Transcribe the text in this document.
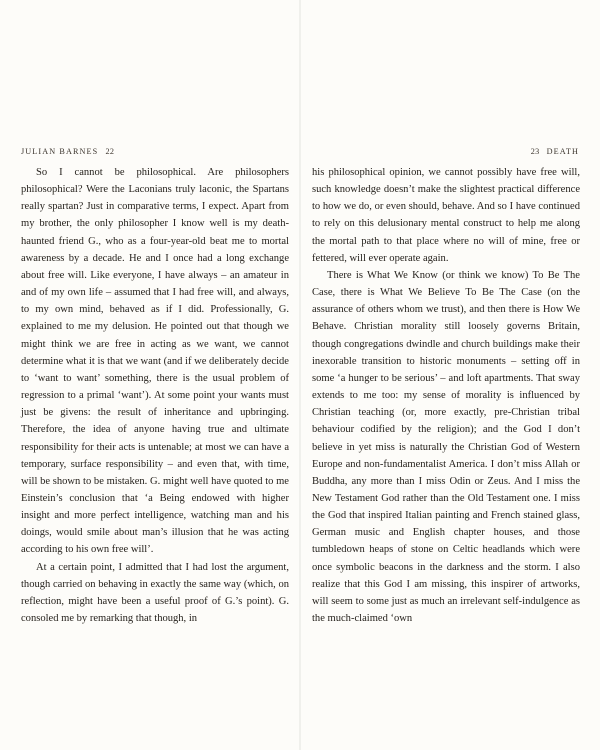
JULIAN BARNES 22	23 DEATH

So I cannot be philosophical. Are philosophers philosophical? Were the Laconians truly laconic, the Spartans really spartan? Just in comparative terms, I expect. Apart from my brother, the only philosopher I know well is my death-haunted friend G., who as a four-year-old beat me to mortal awareness by a decade. He and I once had a long exchange about free will. Like everyone, I have always – an amateur in and of my own life – assumed that I had free will, and always, to my own mind, behaved as if I did. Professionally, G. explained to me my delusion. He pointed out that though we might think we are free in acting as we want, we cannot determine what it is that we want (and if we deliberately decide to ‘want to want’ something, there is the usual problem of regression to a primal ‘want’). At some point your wants must just be givens: the result of inheritance and upbringing. Therefore, the idea of anyone having true and ultimate responsibility for their acts is untenable; at most we can have a temporary, surface responsibility – and even that, with time, will be shown to be mistaken. G. might well have quoted to me Einstein’s conclusion that ‘a Being endowed with higher insight and more perfect intelligence, watching man and his doings, would smile about man’s illusion that he was acting according to his own free will’.

At a certain point, I admitted that I had lost the argument, though carried on behaving in exactly the same way (which, on reflection, might have been a useful proof of G.’s point). G. consoled me by remarking that though, in

his philosophical opinion, we cannot possibly have free will, such knowledge doesn’t make the slightest practical difference to how we do, or even should, behave. And so I have continued to rely on this delusionary mental construct to help me along the mortal path to that place where no will of mine, free or fettered, will ever operate again.

There is What We Know (or think we know) To Be The Case, there is What We Believe To Be The Case (on the assurance of others whom we trust), and then there is How We Behave. Christian morality still loosely governs Britain, though congregations dwindle and church buildings make their inexorable transition to historic monuments – setting off in some ‘a hunger to be serious’ – and loft apartments. That sway extends to me too: my sense of morality is influenced by Christian teaching (or, more exactly, pre-Christian tribal behaviour codified by the religion); and the God I don’t believe in yet miss is naturally the Christian God of Western Europe and non-fundamentalist America. I don’t miss Allah or Buddha, any more than I miss Odin or Zeus. And I miss the New Testament God rather than the Old Testament one. I miss the God that inspired Italian painting and French stained glass, German music and English chapter houses, and those tumbledown heaps of stone on Celtic headlands which were once symbolic beacons in the darkness and the storm. I also realize that this God I am missing, this inspirer of artworks, will seem to some just as much an irrelevant self-indulgence as the much-claimed ‘own
